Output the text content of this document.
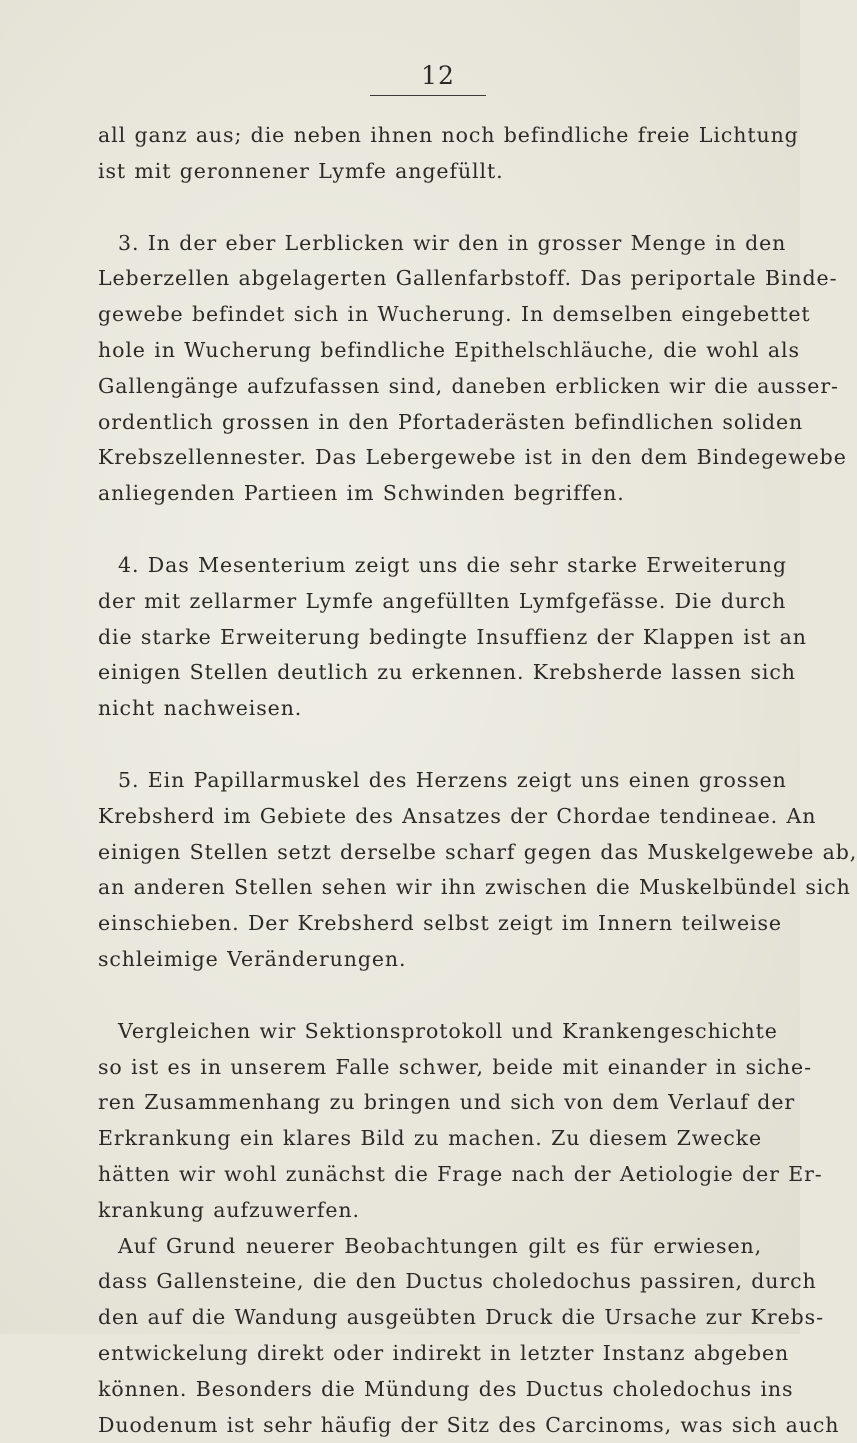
12
all ganz aus; die neben ihnen noch befindliche freie Lichtung
ist mit geronnener Lymfe angefüllt.
3. In der eber Lerblicken wir den in grosser Menge in den
Leberzellen abgelagerten Gallenfarbstoff. Das periportale Binde-
gewebe befindet sich in Wucherung. In demselben eingebettet
hole in Wucherung befindliche Epithelschläuche, die wohl als
Gallengänge aufzufassen sind, daneben erblicken wir die ausser-
ordentlich grossen in den Pfortaderästen befindlichen soliden
Krebszellennester. Das Lebergewebe ist in den dem Bindegewebe
anliegenden Partieen im Schwinden begriffen.
4. Das Mesenterium zeigt uns die sehr starke Erweiterung
der mit zellarmer Lymfe angefüllten Lymfgefässe. Die durch
die starke Erweiterung bedingte Insuffienz der Klappen ist an
einigen Stellen deutlich zu erkennen. Krebsherde lassen sich
nicht nachweisen.
5. Ein Papillarmuskel des Herzens zeigt uns einen grossen
Krebsherd im Gebiete des Ansatzes der Chordae tendineae. An
einigen Stellen setzt derselbe scharf gegen das Muskelgewebe ab,
an anderen Stellen sehen wir ihn zwischen die Muskelbündel sich
einschieben. Der Krebsherd selbst zeigt im Innern teilweise
schleimige Veränderungen.
Vergleichen wir Sektionsprotokoll und Krankengeschichte
so ist es in unserem Falle schwer, beide mit einander in siche-
ren Zusammenhang zu bringen und sich von dem Verlauf der
Erkrankung ein klares Bild zu machen. Zu diesem Zwecke
hätten wir wohl zunächst die Frage nach der Aetiologie der Er-
krankung aufzuwerfen.
Auf Grund neuerer Beobachtungen gilt es für erwiesen,
dass Gallensteine, die den Ductus choledochus passiren, durch
den auf die Wandung ausgeübten Druck die Ursache zur Krebs-
entwickelung direkt oder indirekt in letzter Instanz abgeben
können. Besonders die Mündung des Ductus choledochus ins
Duodenum ist sehr häufig der Sitz des Carcinoms, was sich auch
